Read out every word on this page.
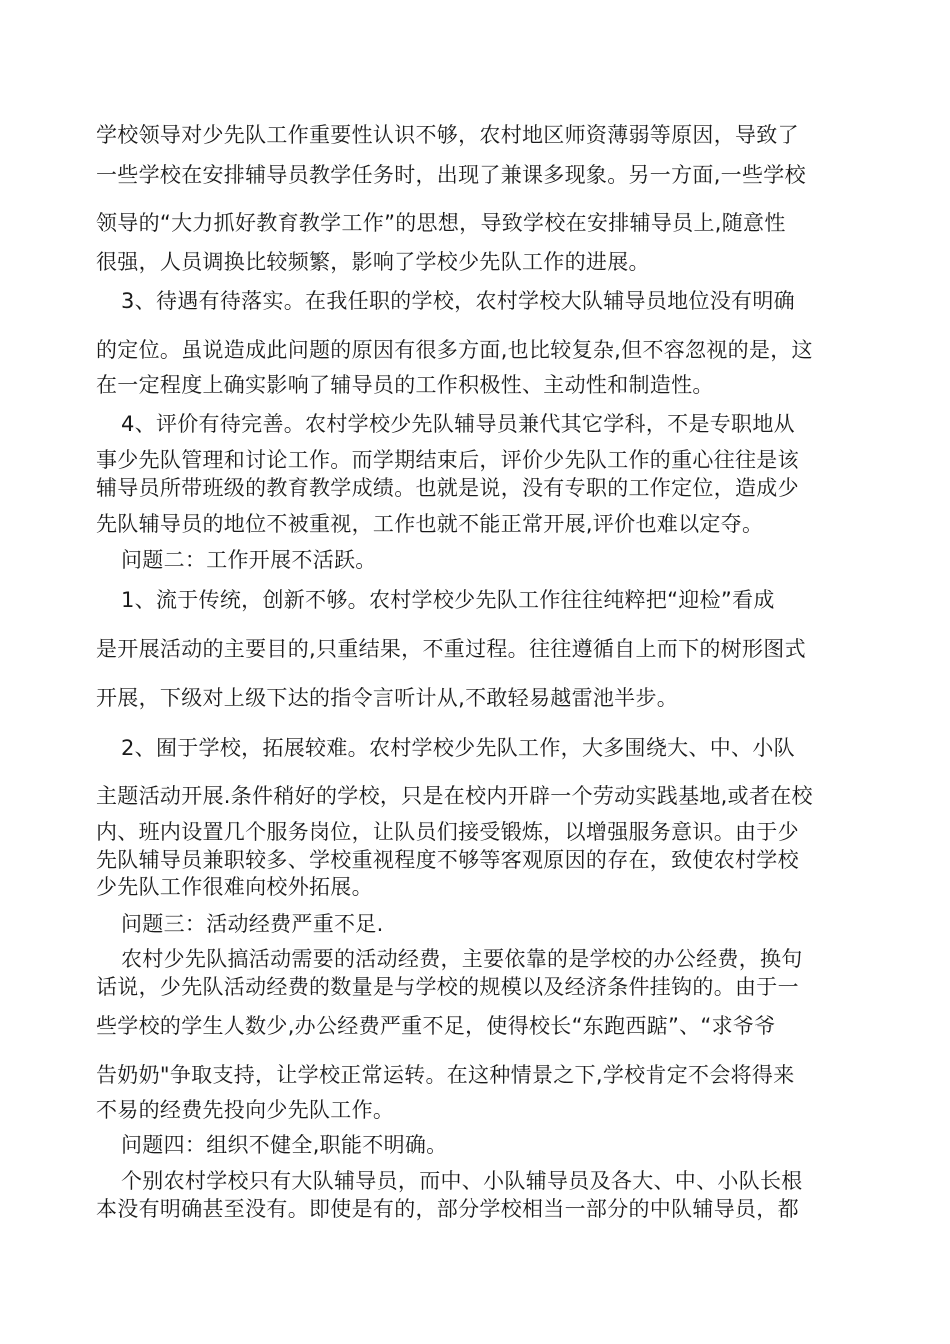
学校领导对少先队工作重要性认识不够，农村地区师资薄弱等原因，导致了
一些学校在安排辅导员教学任务时，出现了兼课多现象。另一方面,一些学校
领导的“大力抓好教育教学工作”的思想，导致学校在安排辅导员上,随意性
很强，人员调换比较频繁，影响了学校少先队工作的进展。
3、待遇有待落实。在我任职的学校，农村学校大队辅导员地位没有明确
的定位。虽说造成此问题的原因有很多方面,也比较复杂,但不容忽视的是，这
在一定程度上确实影响了辅导员的工作积极性、主动性和制造性。
4、评价有待完善。农村学校少先队辅导员兼代其它学科，不是专职地从
事少先队管理和讨论工作。而学期结束后，评价少先队工作的重心往往是该
辅导员所带班级的教育教学成绩。也就是说，没有专职的工作定位，造成少
先队辅导员的地位不被重视，工作也就不能正常开展,评价也难以定夺。
问题二：工作开展不活跃。
1、流于传统，创新不够。农村学校少先队工作往往纯粹把“迎检”看成
是开展活动的主要目的,只重结果，不重过程。往往遵循自上而下的树形图式
开展，下级对上级下达的指令言听计从,不敢轻易越雷池半步。
2、囿于学校，拓展较难。农村学校少先队工作，大多围绕大、中、小队
主题活动开展.条件稍好的学校，只是在校内开辟一个劳动实践基地,或者在校
内、班内设置几个服务岗位，让队员们接受锻炼，以增强服务意识。由于少
先队辅导员兼职较多、学校重视程度不够等客观原因的存在，致使农村学校
少先队工作很难向校外拓展。
问题三：活动经费严重不足.
农村少先队搞活动需要的活动经费，主要依靠的是学校的办公经费，换句
话说，少先队活动经费的数量是与学校的规模以及经济条件挂钩的。由于一
些学校的学生人数少,办公经费严重不足，使得校长“东跑西踮”、“求爷爷
告奶奶"争取支持，让学校正常运转。在这种情景之下,学校肯定不会将得来
不易的经费先投向少先队工作。
问题四：组织不健全,职能不明确。
个别农村学校只有大队辅导员，而中、小队辅导员及各大、中、小队长根
本没有明确甚至没有。即使是有的，部分学校相当一部分的中队辅导员，都
